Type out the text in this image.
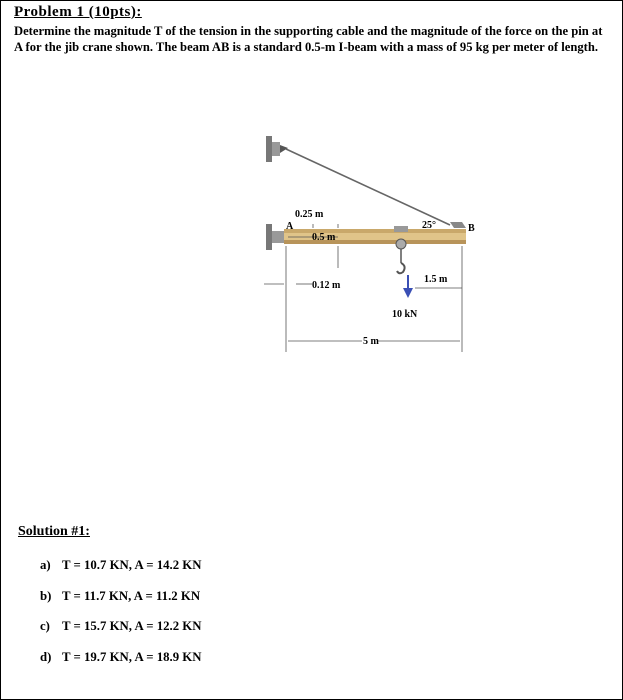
Problem 1 (10pts):
Determine the magnitude T of the tension in the supporting cable and the magnitude of the force on the pin at A for the jib crane shown. The beam AB is a standard 0.5-m I-beam with a mass of 95 kg per meter of length.
0.25 m
0.5 m
A	B
25°
1.5 m
0.12 m
10 kN
5 m
Solution #1:
a) T = 10.7 KN, A = 14.2 KN
b) T = 11.7 KN, A = 11.2 KN
c) T = 15.7 KN, A = 12.2 KN
d) T = 19.7 KN, A = 18.9 KN
